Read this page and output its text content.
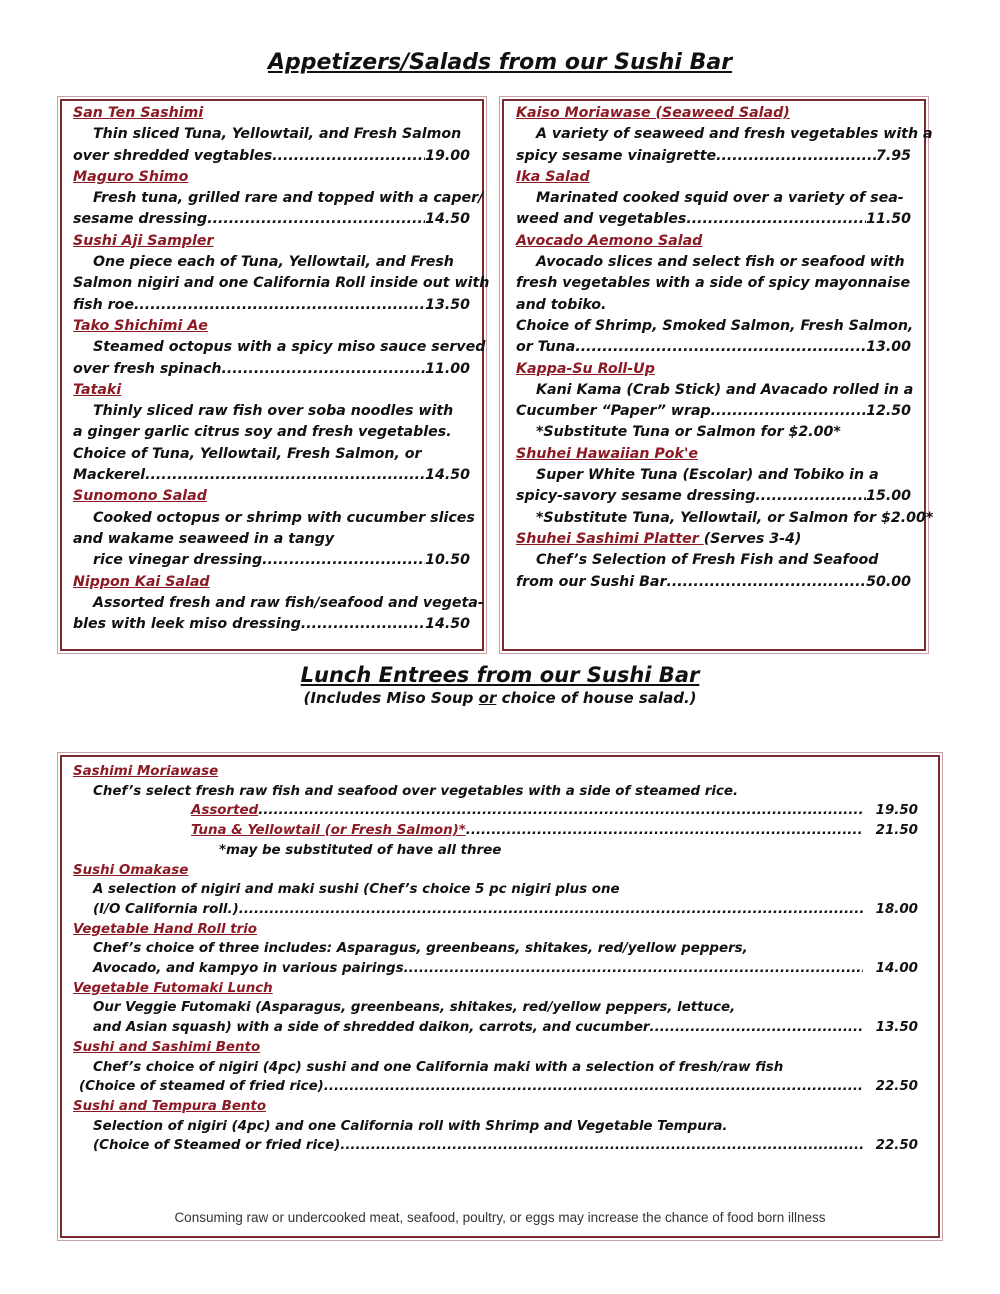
Appetizers/Salads from our Sushi Bar
San Ten Sashimi
Thin sliced Tuna, Yellowtail, and Fresh Salmon
over shredded vegtables .....	19.00
Maguro Shimo
Fresh tuna, grilled rare and topped with a caper/
sesame dressing .....	14.50
Sushi Aji Sampler
One piece each of Tuna, Yellowtail, and Fresh
Salmon nigiri and one California Roll inside out with
fish roe .....	13.50
Tako Shichimi Ae
Steamed octopus with a spicy miso sauce served
over fresh spinach .....	11.00
Tataki
Thinly sliced raw fish over soba noodles with
a ginger garlic citrus soy and fresh vegetables.
Choice of Tuna, Yellowtail, Fresh Salmon, or
Mackerel .....	14.50
Sunomono Salad
Cooked octopus or shrimp with cucumber slices
and wakame seaweed in a tangy
rice vinegar dressing .....	10.50
Nippon Kai Salad
Assorted fresh and raw fish/seafood and vegeta-
bles with leek miso dressing .....	14.50
Kaiso Moriawase (Seaweed Salad)
A variety of seaweed and fresh vegetables with a
spicy sesame vinaigrette .....	7.95
Ika Salad
Marinated cooked squid over a variety of sea-
weed and vegetables .....	11.50
Avocado Aemono Salad
Avocado slices and select fish or seafood with
fresh vegetables with a side of spicy mayonnaise
and tobiko.
Choice of Shrimp, Smoked Salmon, Fresh Salmon,
or Tuna .....	13.00
Kappa-Su Roll-Up
Kani Kama (Crab Stick) and Avacado rolled in a
Cucumber “Paper” wrap .....	12.50
*Substitute Tuna or Salmon for $2.00*
Shuhei Hawaiian Pok'e
Super White Tuna (Escolar) and Tobiko in a
spicy-savory sesame dressing .....	15.00
*Substitute Tuna, Yellowtail, or Salmon for $2.00*
Shuhei Sashimi Platter (Serves 3-4)
Chef’s Selection of Fresh Fish and Seafood
from our Sushi Bar .....	50.00
Lunch Entrees from our Sushi Bar
(Includes Miso Soup or choice of house salad.)
Sashimi Moriawase
Chef’s select fresh raw fish and seafood over vegetables with a side of steamed rice.
Assorted .....	19.50
Tuna & Yellowtail (or Fresh Salmon)* .....	21.50
*may be substituted of have all three
Sushi Omakase
A selection of nigiri and maki sushi (Chef’s choice 5 pc nigiri plus one
(I/O California roll.) .....	18.00
Vegetable Hand Roll trio
Chef’s choice of three includes: Asparagus, greenbeans, shitakes, red/yellow peppers,
Avocado, and kampyo in various pairings .....	14.00
Vegetable Futomaki Lunch
Our Veggie Futomaki (Asparagus, greenbeans, shitakes, red/yellow peppers, lettuce,
and Asian squash) with a side of shredded daikon, carrots, and cucumber .....	13.50
Sushi and Sashimi Bento
Chef’s choice of nigiri (4pc) sushi and one California maki with a selection of fresh/raw fish
(Choice of steamed of fried rice) .....	22.50
Sushi and Tempura Bento
Selection of nigiri (4pc) and one California roll with Shrimp and Vegetable Tempura.
(Choice of Steamed or fried rice) .....	22.50
Consuming raw or undercooked meat, seafood, poultry, or eggs may increase the chance of food born illness
